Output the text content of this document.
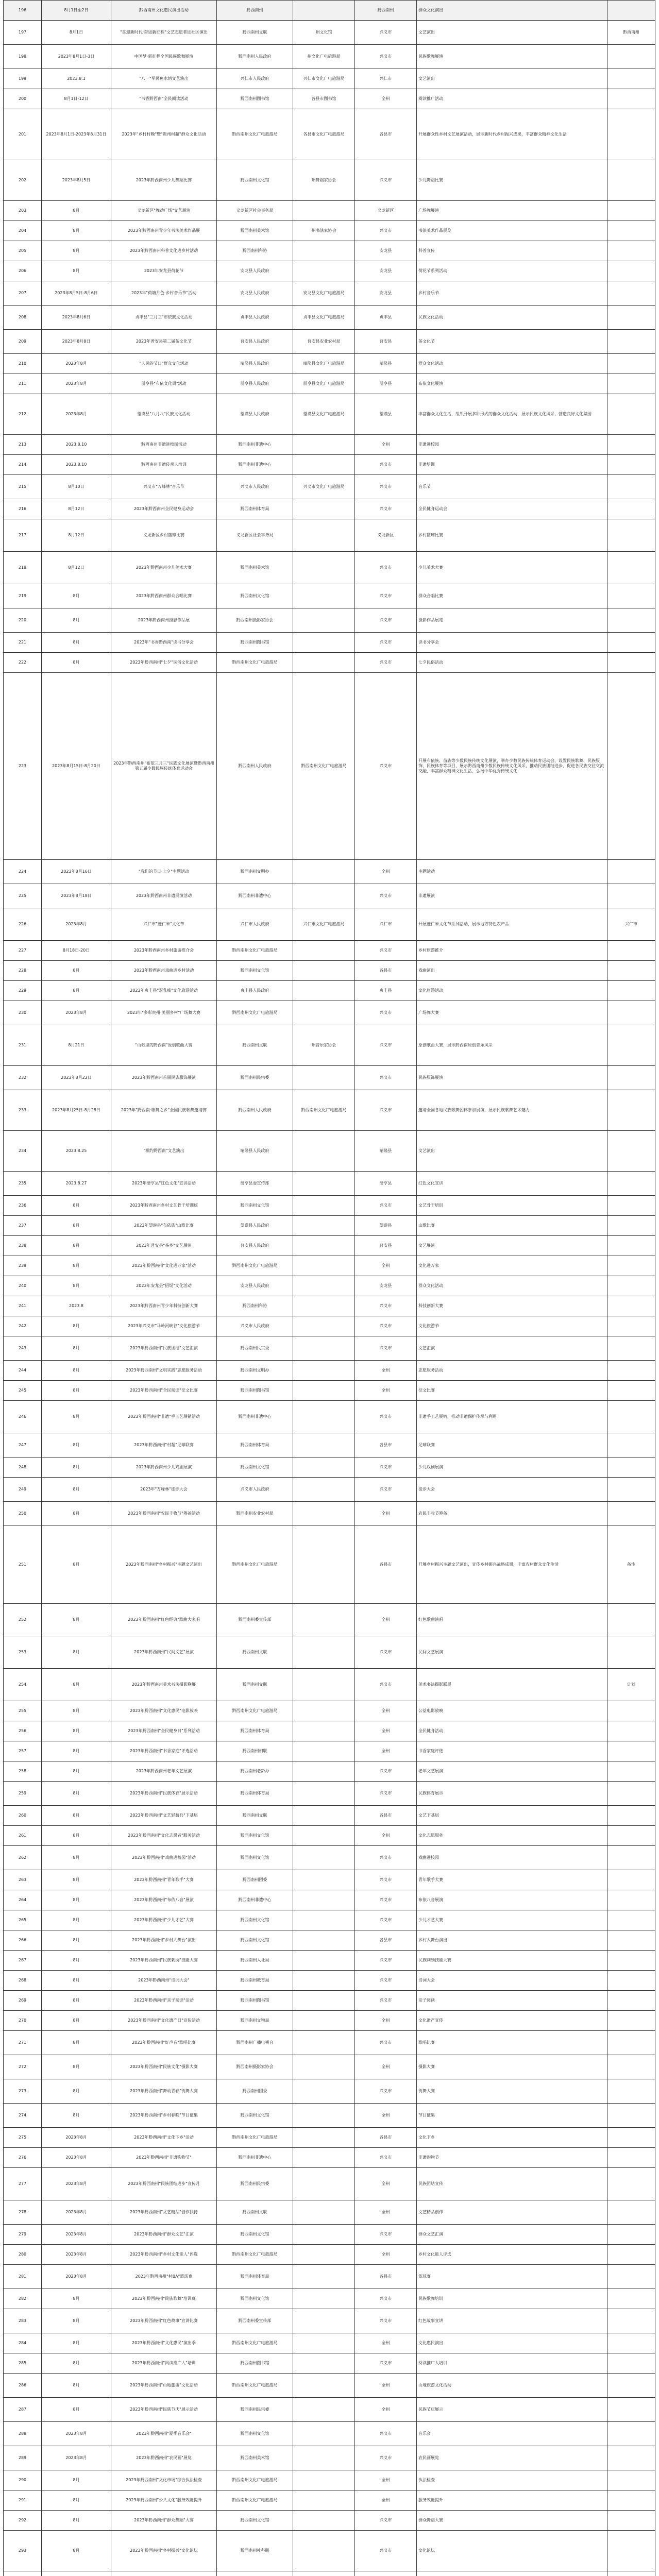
196	8月1日至2日	黔西南州文化惠民演出活动	黔西南州		黔西南州	群众文化演出	
197	8月1日	"喜迎新时代·奋进新征程"文艺志愿者进社区演出	黔西南州文联	州文化馆	兴义市	文艺演出	黔西南州
198	2023年8月1日-3日	中国梦·新征程全国民族歌舞展演	黔西南州人民政府	州文化广电旅游局	兴义市	民族歌舞展演	
199	2023.8.1	"八一"军民鱼水情文艺演出	兴仁市人民政府	兴仁市文化广电旅游局	兴仁市	文艺演出	
200	8月1日-12日	"书香黔西南"全民阅读活动	黔西南州图书馆	各县市图书馆	全州	阅读推广活动	
201	2023年8月1日-2023年8月31日	2023年"乡村村晚"暨"贵州村超"群众文化活动	黔西南州文化广电旅游局	各县市文化广电旅游局	各县市	开展群众性乡村文艺展演活动，展示新时代乡村振兴成果，丰富群众精神文化生活	
202	2023年8月5日	2023年黔西南州少儿舞蹈比赛	黔西南州文化馆	州舞蹈家协会	兴义市	少儿舞蹈比赛	
203	8月	义龙新区"舞动广场"文艺展演	义龙新区社会事务局		义龙新区	广场舞展演	
204	8月	2023年黔西南州青少年书法美术作品展	黔西南州美术馆	州书法家协会	兴义市	书法美术作品展览	
205	8月	2023年黔西南州科普文化进乡村活动	黔西南州科协		安龙县	科普宣传	
206	8月	2023年安龙县荷花节	安龙县人民政府		安龙县	荷花节系列活动	
207	2023年8月5日-8月6日	2023年"荷塘月色·乡村音乐节"活动	安龙县人民政府	安龙县文化广电旅游局	安龙县	乡村音乐节	
208	2023年8月6日	贞丰县"三月三"布依族文化活动	贞丰县人民政府	贞丰县文化广电旅游局	贞丰县	民族文化活动	
209	2023年8月8日	2023年普安县第二届茶文化节	普安县人民政府	普安县农业农村局	普安县	茶文化节	
210	2023年8月	"人民的节日"群众文化活动	晴隆县人民政府	晴隆县文化广电旅游局	晴隆县	群众文化活动	
211	2023年8月	册亨县"布依文化周"活动	册亨县人民政府	册亨县文化广电旅游局	册亨县	布依文化展演	
212	2023年8月	望谟县"八月八"民族文化活动	望谟县人民政府	望谟县文化广电旅游局	望谟县	丰富群众文化生活，组织开展多种形式的群众文化活动，展示民族文化风采，营造良好文化氛围	
213	2023.8.10	黔西南州非遗进校园活动	黔西南州非遗中心		全州	非遗进校园	
214	2023.8.10	黔西南州非遗传承人培训	黔西南州非遗中心		兴义市	非遗培训	
215	8月10日	兴义市"万峰林"音乐节	兴义市人民政府	兴义市文化广电旅游局	兴义市	音乐节	
216	8月12日	2023年黔西南州全民健身运动会	黔西南州体育局		兴义市	全民健身运动会	
217	8月12日	义龙新区乡村篮球比赛	义龙新区社会事务局		义龙新区	乡村篮球比赛	
218	8月12日	2023年黔西南州少儿美术大赛	黔西南州美术馆		兴义市	少儿美术大赛	
219	8月	2023年黔西南州群众合唱比赛	黔西南州文化馆		兴义市	群众合唱比赛	
220	8月	2023年黔西南州摄影作品展	黔西南州摄影家协会		兴义市	摄影作品展览	
221	8月	2023年"书香黔西南"读书分享会	黔西南州图书馆		兴义市	读书分享会	
222	8月	2023年黔西南州"七夕"民俗文化活动	黔西南州文化广电旅游局		兴义市	七夕民俗活动	
223	2023年8月15日-8月20日	2023年黔西南州"布依三月三"民族文化展演暨黔西南州第五届少数民族传统体育运动会	黔西南州人民政府	黔西南州文化广电旅游局	兴义市	开展布依族、苗族等少数民族传统文化展演，举办少数民族传统体育运动会，设置民族歌舞、民族服饰、民族体育等项目，展示黔西南州少数民族传统文化风采，推动民族团结进步，促进各民族交往交流交融，丰富群众精神文化生活，弘扬中华优秀传统文化	
224	2023年8月16日	"我们的节日·七夕"主题活动	黔西南州文明办		全州	主题活动	
225	2023年8月18日	2023年黔西南州非遗展演活动	黔西南州非遗中心		兴义市	非遗展演	
226	2023年8月	兴仁市"薏仁米"文化节	兴仁市人民政府	兴仁市文化广电旅游局	兴仁市	开展薏仁米文化节系列活动，展示地方特色农产品	兴仁市
227	8月18日-20日	2023年黔西南州乡村旅游推介会	黔西南州文化广电旅游局		兴义市	乡村旅游推介	
228	8月	2023年黔西南州戏曲进乡村活动	黔西南州文化馆		各县市	戏曲演出	
229	8月	2023年贞丰县"双乳峰"文化旅游活动	贞丰县人民政府		贞丰县	文化旅游活动	
230	2023年8月	2023年"多彩贵州·美丽乡村"广场舞大赛	黔西南州文化广电旅游局		兴义市	广场舞大赛	
231	8月21日	"山歌里的黔西南"原创歌曲大赛	黔西南州文联	州音乐家协会	兴义市	原创歌曲大赛，展示黔西南原创音乐风采	
232	2023年8月22日	2023年黔西南州首届民族服饰展演	黔西南州民宗委		兴义市	民族服饰展演	
233	2023年8月25日-8月28日	2023年"黔西南·歌舞之乡"全国民族歌舞邀请赛	黔西南州人民政府	黔西南州文化广电旅游局	兴义市	邀请全国各地民族歌舞团体参加展演，展示民族歌舞艺术魅力	
234	2023.8.25	"相约黔西南"文艺演出	晴隆县人民政府		晴隆县	文艺演出	
235	2023.8.27	2023年册亨县"红色文化"宣讲活动	册亨县委宣传部		册亨县	红色文化宣讲	
236	8月	2023年黔西南州乡村文艺骨干培训班	黔西南州文化馆		兴义市	文艺骨干培训	
237	8月	2023年望谟县"布依族"山歌比赛	望谟县人民政府		望谟县	山歌比赛	
238	8月	2023年普安县"茶乡"文艺展演	普安县人民政府		普安县	文艺展演	
239	8月	2023年黔西南州"文化进万家"活动	黔西南州文化广电旅游局		全州	文化进万家	
240	8月	2023年安龙县"招堤"文化活动	安龙县人民政府		安龙县	群众文化活动	
241	2023.8	2023年黔西南州青少年科技创新大赛	黔西南州科协		兴义市	科技创新大赛	
242	8月	2023年兴义市"马岭河峡谷"文化旅游节	兴义市人民政府		兴义市	文化旅游节	
243	8月	2023年黔西南州"民族团结"文艺汇演	黔西南州民宗委		兴义市	文艺汇演	
244	8月	2023年黔西南州"文明实践"志愿服务活动	黔西南州文明办		全州	志愿服务活动	
245	8月	2023年黔西南州"全民阅读"征文比赛	黔西南州图书馆		全州	征文比赛	
246	8月	2023年黔西南州"非遗"手工艺展销活动	黔西南州非遗中心		兴义市	非遗手工艺展销，推动非遗保护传承与利用	
247	8月	2023年黔西南州"村超"足球联赛	黔西南州体育局		各县市	足球联赛	
248	8月	2023年黔西南州少儿戏剧展演	黔西南州文化馆		兴义市	少儿戏剧展演	
249	8月	2023年"万峰林"徒步大会	兴义市人民政府		兴义市	徒步大会	
250	8月	2023年黔西南州"农民丰收节"筹备活动	黔西南州农业农村局		全州	农民丰收节筹备	
251	8月	2023年黔西南州"乡村振兴"主题文艺演出	黔西南州文化广电旅游局		各县市	开展乡村振兴主题文艺演出，宣传乡村振兴战略成果，丰富农村群众文化生活	备注
252	8月	2023年黔西南州"红色经典"歌曲大家唱	黔西南州委宣传部		全州	红色歌曲演唱	
253	8月	2023年黔西南州"民间文艺"展演	黔西南州文联		兴义市	民间文艺展演	
254	8月	2023年黔西南州美术书法摄影联展	黔西南州文联		兴义市	美术书法摄影联展	计划
255	8月	2023年黔西南州"文化惠民"电影放映	黔西南州文化广电旅游局		全州	公益电影放映	
256	8月	2023年黔西南州"全民健身日"系列活动	黔西南州体育局		全州	全民健身活动	
257	8月	2023年黔西南州"书香家庭"评选活动	黔西南州妇联		全州	书香家庭评选	
258	8月	2023年黔西南州老年文艺展演	黔西南州老龄办		兴义市	老年文艺展演	
259	8月	2023年黔西南州"民族体育"展示活动	黔西南州体育局		兴义市	民族体育展示	
260	8月	2023年黔西南州"文艺轻骑兵"下基层	黔西南州文联		各县市	文艺下基层	
261	8月	2023年黔西南州"文化志愿者"服务活动	黔西南州文化馆		全州	文化志愿服务	
262	8月	2023年黔西南州"戏曲进校园"活动	黔西南州文化馆		兴义市	戏曲进校园	
263	8月	2023年黔西南州"青年歌手"大赛	黔西南州团委		兴义市	青年歌手大赛	
264	8月	2023年黔西南州"布依八音"展演	黔西南州非遗中心		兴义市	布依八音展演	
265	8月	2023年黔西南州"少儿才艺"大赛	黔西南州文化馆		兴义市	少儿才艺大赛	
266	8月	2023年黔西南州"乡村大舞台"演出	黔西南州文化馆		各县市	乡村大舞台演出	
267	8月	2023年黔西南州"民族刺绣"技能大赛	黔西南州人社局		兴义市	民族刺绣技能大赛	
268	8月	2023年黔西南州"诗词大会"	黔西南州教育局		兴义市	诗词大会	
269	8月	2023年黔西南州"亲子阅读"活动	黔西南州图书馆		兴义市	亲子阅读	
270	8月	2023年黔西南州"文化遗产日"宣传活动	黔西南州文物局		全州	文化遗产宣传	
271	8月	2023年黔西南州"好声音"歌唱比赛	黔西南州广播电视台		兴义市	歌唱比赛	
272	8月	2023年黔西南州"民族文化"摄影大赛	黔西南州摄影家协会		全州	摄影大赛	
273	8月	2023年黔西南州"舞动青春"街舞大赛	黔西南州团委		兴义市	街舞大赛	
274	8月	2023年黔西南州"乡村春晚"节目征集	黔西南州文化馆		全州	节目征集	
275	2023年8月	2023年黔西南州"文化下乡"活动	黔西南州文化广电旅游局		各县市	文化下乡	
276	2023年8月	2023年黔西南州"非遗购物节"	黔西南州非遗中心		兴义市	非遗购物节	
277	2023年8月	2023年黔西南州"民族团结进步"宣传月	黔西南州民宗委		全州	民族团结宣传	
278	2023年8月	2023年黔西南州"文艺精品"创作扶持	黔西南州文联		全州	文艺精品创作	
279	2023年8月	2023年黔西南州"群众文艺"汇演	黔西南州文化馆		兴义市	群众文艺汇演	
280	2023年8月	2023年黔西南州"乡村文化能人"评选	黔西南州文化广电旅游局		全州	乡村文化能人评选	
281	2023年8月	2023年黔西南州"村BA"篮球赛	黔西南州体育局		各县市	篮球赛	
282	8月	2023年黔西南州"民族歌舞"培训班	黔西南州文化馆		兴义市	民族歌舞培训	
283	8月	2023年黔西南州"红色故事"宣讲比赛	黔西南州委宣传部		兴义市	红色故事宣讲	
284	8月	2023年黔西南州"文化惠民"演出季	黔西南州文化广电旅游局		全州	文化惠民演出	
285	8月	2023年黔西南州"阅读推广人"培训	黔西南州图书馆		兴义市	阅读推广人培训	
286	8月	2023年黔西南州"山地旅游"文化活动	黔西南州文化广电旅游局		全州	山地旅游文化活动	
287	8月	2023年黔西南州"民族节庆"展示活动	黔西南州民宗委		全州	民族节庆展示	
288	2023年8月	2023年黔西南州"夏季音乐会"	黔西南州文化馆		兴义市	音乐会	
289	2023年8月	2023年黔西南州"农民画"展览	黔西南州美术馆		兴义市	农民画展览	
290	8月	2023年黔西南州"文化市场"综合执法检查	黔西南州文化广电旅游局		全州	执法检查	
291	8月	2023年黔西南州"公共文化"服务效能提升	黔西南州文化广电旅游局		全州	服务效能提升	
292	8月	2023年黔西南州"群众舞蹈"大赛	黔西南州文化馆		兴义市	群众舞蹈大赛	
293	8月	2023年黔西南州"乡村振兴"文化论坛	黔西南州社科联		兴义市	文化论坛	
